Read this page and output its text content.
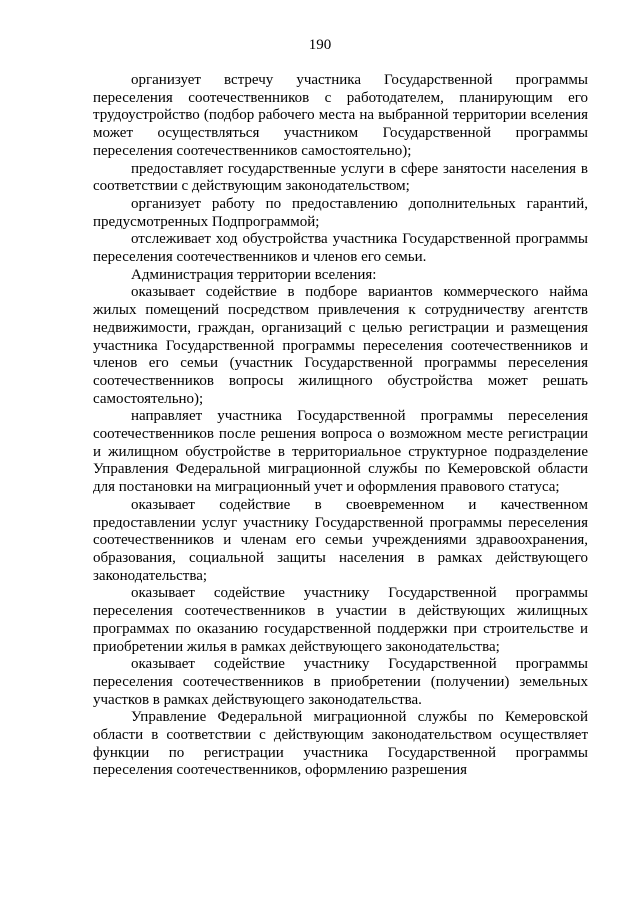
190

организует встречу участника Государственной программы переселения соотечественников с работодателем, планирующим его трудоустройство (подбор рабочего места на выбранной территории вселения может осуществляться участником Государственной программы переселения соотечественников самостоятельно);

предоставляет государственные услуги в сфере занятости населения в соответствии с действующим законодательством;

организует работу по предоставлению дополнительных гарантий, предусмотренных Подпрограммой;

отслеживает ход обустройства участника Государственной программы переселения соотечественников и членов его семьи.

Администрация территории вселения:

оказывает содействие в подборе вариантов коммерческого найма жилых помещений посредством привлечения к сотрудничеству агентств недвижимости, граждан, организаций с целью регистрации и размещения участника Государственной программы переселения соотечественников и членов его семьи (участник Государственной программы переселения соотечественников вопросы жилищного обустройства может решать самостоятельно);

направляет участника Государственной программы переселения соотечественников после решения вопроса о возможном месте регистрации и жилищном обустройстве в территориальное структурное подразделение Управления Федеральной миграционной службы по Кемеровской области для постановки на миграционный учет и оформления правового статуса;

оказывает содействие в своевременном и качественном предоставлении услуг участнику Государственной программы переселения соотечественников и членам его семьи учреждениями здравоохранения, образования, социальной защиты населения в рамках действующего законодательства;

оказывает содействие участнику Государственной программы переселения соотечественников в участии в действующих жилищных программах по оказанию государственной поддержки при строительстве и приобретении жилья в рамках действующего законодательства;

оказывает содействие участнику Государственной программы переселения соотечественников в приобретении (получении) земельных участков в рамках действующего законодательства.

Управление Федеральной миграционной службы по Кемеровской области в соответствии с действующим законодательством осуществляет функции по регистрации участника Государственной программы переселения соотечественников, оформлению разрешения
